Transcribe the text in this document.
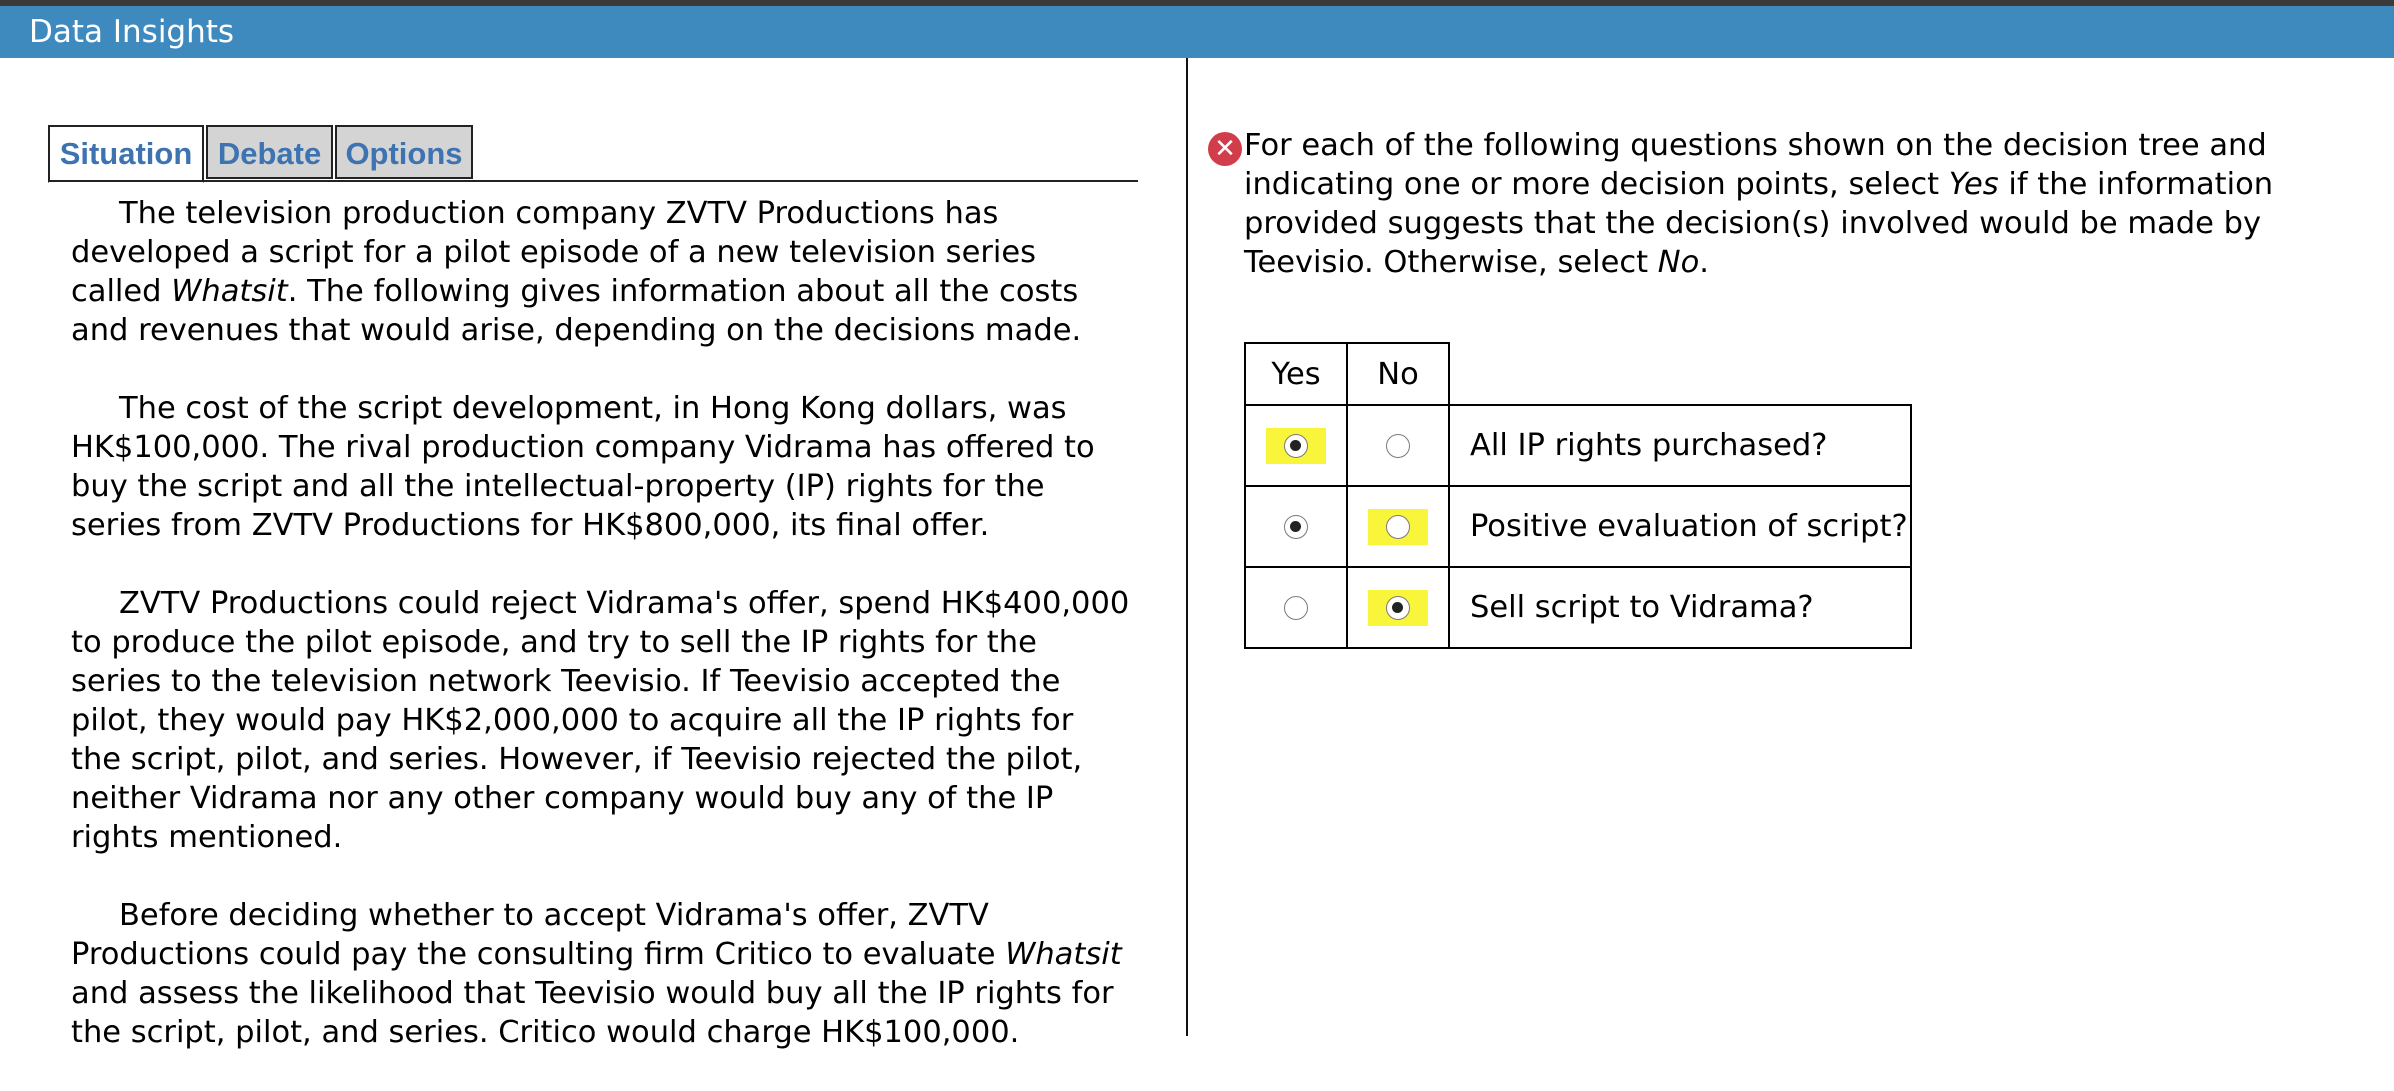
Data Insights
Situation Debate Options

The television production company ZVTV Productions has developed a script for a pilot episode of a new television series called Whatsit. The following gives information about all the costs and revenues that would arise, depending on the decisions made.

The cost of the script development, in Hong Kong dollars, was HK$100,000. The rival production company Vidrama has offered to buy the script and all the intellectual-property (IP) rights for the series from ZVTV Productions for HK$800,000, its final offer.

ZVTV Productions could reject Vidrama's offer, spend HK$400,000 to produce the pilot episode, and try to sell the IP rights for the series to the television network Teevisio. If Teevisio accepted the pilot, they would pay HK$2,000,000 to acquire all the IP rights for the script, pilot, and series. However, if Teevisio rejected the pilot, neither Vidrama nor any other company would buy any of the IP rights mentioned.

Before deciding whether to accept Vidrama's offer, ZVTV Productions could pay the consulting firm Critico to evaluate Whatsit and assess the likelihood that Teevisio would buy all the IP rights for the script, pilot, and series. Critico would charge HK$100,000.

✕ For each of the following questions shown on the decision tree and indicating one or more decision points, select Yes if the information provided suggests that the decision(s) involved would be made by Teevisio. Otherwise, select No.
Yes	No	
		All IP rights purchased?
		Positive evaluation of script?
		Sell script to Vidrama?
